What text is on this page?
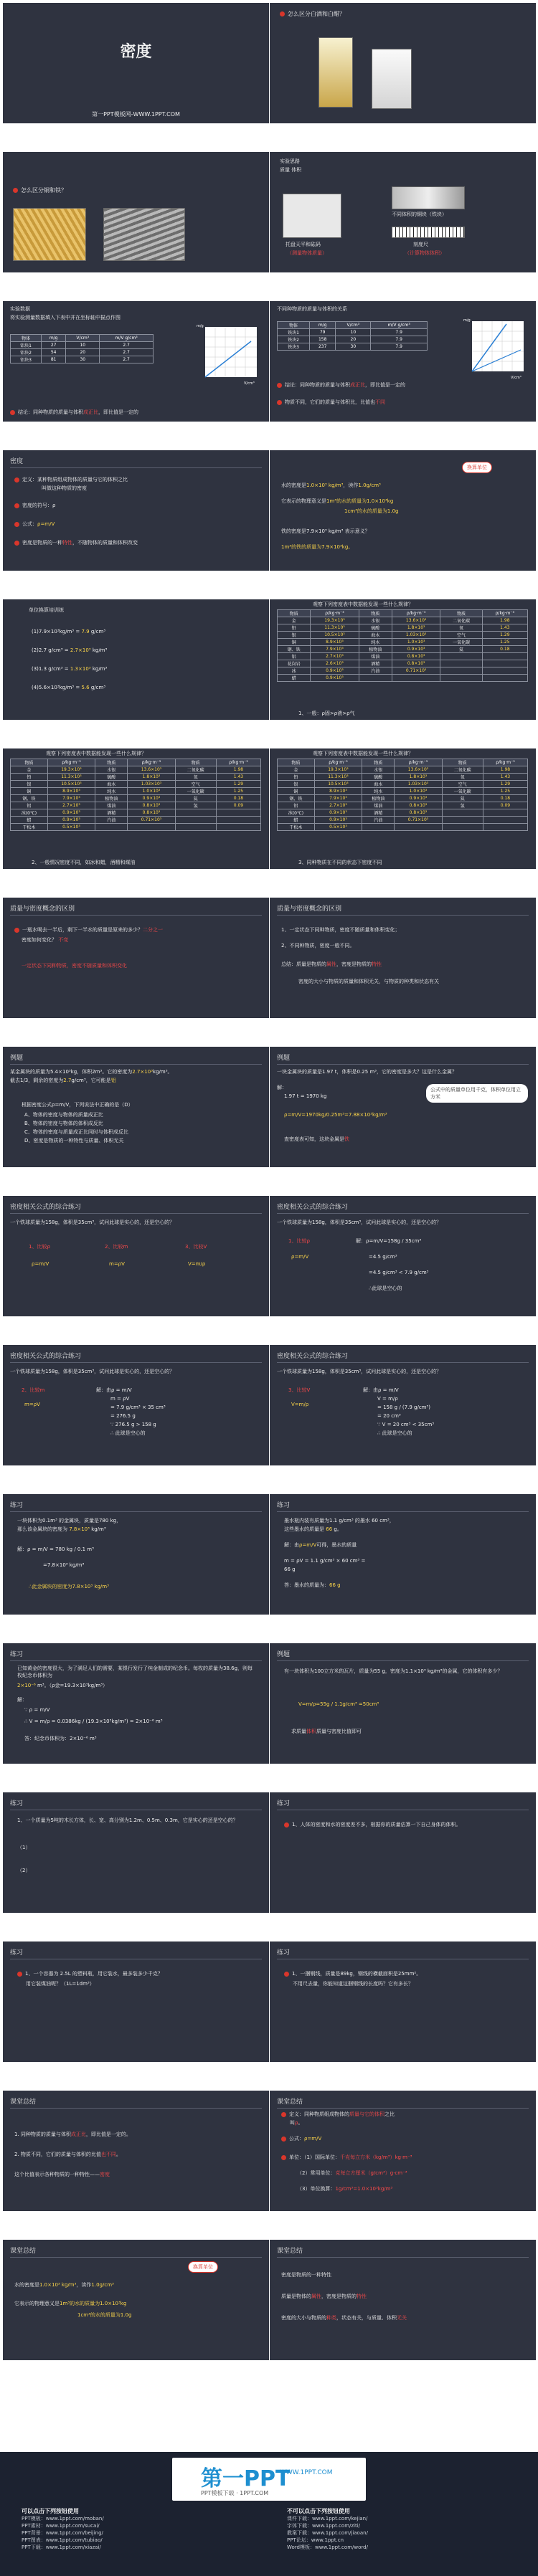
密度
第一PPT模板网-WWW.1PPT.COM
怎么区分白酒和白醋？
怎么区分铜和铁？
实验思路
质量 体积
托盘天平和砝码
（测量物体质量）
不同体积的铜块（铁块）
刻度尺
（计算物体体积）
实验数据
将实验测量数据填入下表中并在坐标轴中描点作图
物体	m/g	V/cm³	m/V g/cm³
铝块1	27	10	2.7
铝块2	54	20	2.7
铝块3	81	30	2.7
m/g
V/cm³
结论：同种物质的质量与体积成正比，即比值是一定的
不同种物质的质量与体积的关系
物体	m/g	V/cm³	m/V g/cm³
铁块1	79	10	7.9
铁块2	158	20	7.9
铁块3	237	30	7.9
m/g
V/cm³
结论：同种物质的质量与体积成正比，即比值是一定的
物质不同，它们的质量与体积比，比值也不同
密度
定义：某种物质组成物体的质量与它的体积之比
叫做这种物质的密度
密度的符号：ρ
公式：ρ=m/V
密度是物质的一种特性，不随物体的质量和体积改变
换算单位
水的密度是1.0×10³ kg/m³，读作1.0g/cm³
它表示的物理意义是1m³的水的质量为1.0×10³kg
1cm³的水的质量为1.0g
铁的密度是7.9×10³ kg/m³ 表示意义？
1m³的铁的质量为7.9×10³kg。
单位换算培训练
(1)7.9×10³kg/m³ = 7.9 g/cm³
(2)2.7 g/cm³ = 2.7×10³ kg/m³
(3)1.3 g/cm³ = 1.3×10³ kg/m³
(4)5.6×10³kg/m³ = 5.6 g/cm³
观察下列密度表中数据能发现一些什么规律？
物质	ρ/kg·m⁻³	物质	ρ/kg·m⁻³	物质	ρ/kg·m⁻³
金	19.3×10³	水银	13.6×10³	二氧化碳	1.98
铅	11.3×10³	硫酸	1.8×10³	氧	1.43
银	10.5×10³	海水	1.03×10³	空气	1.29
铜	8.9×10³	纯水	1.0×10³	一氧化碳	1.25
钢、铁	7.9×10³	植物油	0.9×10³	氦	0.18
铝	2.7×10³	煤油	0.8×10³		
花岗岩	2.6×10³	酒精	0.8×10³		
冰	0.9×10³	汽油	0.71×10³		
蜡	0.9×10³				
1、一般：ρ固>ρ液>ρ气
观察下列密度表中数据能发现一些什么规律？
物质	ρ/kg·m⁻³	物质	ρ/kg·m⁻³	物质	ρ/kg·m⁻³
金	19.3×10³	水银	13.6×10³	二氧化碳	1.98
铅	11.3×10³	硫酸	1.8×10³	氧	1.43
银	10.5×10³	海水	1.03×10³	空气	1.29
铜	8.9×10³	纯水	1.0×10³	一氧化碳	1.25
钢、铁	7.9×10³	植物油	0.9×10³	氦	0.18
铝	2.7×10³	煤油	0.8×10³	氢	0.09
冰(0℃)	0.9×10³	酒精	0.8×10³		
蜡	0.9×10³	汽油	0.71×10³		
干松木	0.5×10³				
2、一般情况密度不同，如冰和蜡，酒精和煤油
观察下列密度表中数据能发现一些什么规律？
物质	ρ/kg·m⁻³	物质	ρ/kg·m⁻³	物质	ρ/kg·m⁻³
金	19.3×10³	水银	13.6×10³	二氧化碳	1.98
铅	11.3×10³	硫酸	1.8×10³	氧	1.43
银	10.5×10³	海水	1.03×10³	空气	1.29
铜	8.9×10³	纯水	1.0×10³	一氧化碳	1.25
钢、铁	7.9×10³	植物油	0.9×10³	氦	0.18
铝	2.7×10³	煤油	0.8×10³	氢	0.09
冰(0℃)	0.9×10³	酒精	0.8×10³		
蜡	0.9×10³	汽油	0.71×10³		
干松木	0.5×10³				
3、同种物质在不同的状态下密度不同
质量与密度概念的区别
一瓶水喝去一半后，剩下一半水的质量是原来的多少？二分之一
密度如何变化？ 不变
一定状态下同种物质，密度不随质量和体积变化
质量与密度概念的区别
1、一定状态下同种物质，密度不随质量和体积变化；
2、不同种物质，密度一般不同。
总结：质量是物质的属性，密度是物质的特性
密度的大小与物质的质量和体积无关，与物质的种类和状态有关
例题
某金属块的质量为5.4×10³kg，体积2m³。它的密度为2.7×10³kg/m³。
截去1/3，剩余的密度为2.7g/cm³，它可能是铝
根据密度公式ρ=m/V，下列说法中正确的是（D）
A、物体的密度与物体的质量成正比
B、物体的密度与物体的体积成反比
C、物体的密度与质量成正比同时与体积成反比
D、密度是物质的一种特性与质量、体积无关
例题
一块金属块的质量是1.97 t，体积是0.25 m³，它的密度是多大？这是什么金属？
解：
1.97 t = 1970 kg
ρ=m/V=1970kg/0.25m³=7.88×10³kg/m³
公式中的质量单位用千克，体积单位用立方米
查密度表可知，这块金属是铁
密度相关公式的综合练习
一个铁球质量为158g，体积是35cm³，试问此球是实心的，还是空心的？
1、比较ρ	2、比较m	3、比较V
ρ=m/V	m=ρV	V=m/ρ
密度相关公式的综合练习
一个铁球质量为158g，体积是35cm³，试问此球是实心的，还是空心的？
1、比较ρ
ρ=m/V
解：ρ=m/V=158g / 35cm³
=4.5 g/cm³
=4.5 g/cm³ < 7.9 g/cm³
∴此球是空心的
密度相关公式的综合练习
一个铁球质量为158g，体积是35cm³，试问此球是实心的，还是空心的？
2、比较m
m=ρV
解：由ρ = m/V
m = ρV
= 7.9 g/cm³ × 35 cm³
= 276.5 g
∵ 276.5 g > 158 g
∴ 此球是空心的
密度相关公式的综合练习
一个铁球质量为158g，体积是35cm³，试问此球是实心的，还是空心的？
3、比较V
V=m/ρ
解：由ρ = m/V
V = m/ρ
= 158 g / (7.9 g/cm³)
= 20 cm³
∵ V = 20 cm³ < 35cm³
∴ 此球是空心的
练习
一块体积为0.1m³ 的金属块，质量是780 kg，
那么该金属块的密度为 7.8×10³ kg/m³
解：ρ = m/V = 780 kg / 0.1 m³
=7.8×10³ kg/m³
∴此金属块的密度为7.8×10³ kg/m³
练习
墨水瓶内装有质量为1.1 g/cm³ 的墨水 60 cm³，
这些墨水的质量是 66 g。
解：由ρ=m/V可得，墨水的质量
m = ρV = 1.1 g/cm³ × 60 cm³ =
66 g
答：墨水的质量为：66 g
练习
已知黄金的密度很大，为了满足人们的需要，某银行发行了纯金制成的纪念币。每枚的质量为38.6g，则每枚纪念币体积为
2×10⁻⁶ m³。（ρ金=19.3×10³kg/m³）
解：
∵ ρ = m/V
∴ V = m/ρ = 0.0386kg / (19.3×10³kg/m³) = 2×10⁻⁶ m³
答：纪念币体积为：2×10⁻⁶ m³
例题
有一块体积为100立方米的瓦片，质量为55 g，密度为1.1×10³ kg/m³的金属，它的体积有多少？
V=m/ρ=55g / 1.1g/cm³ =50cm³
求质量体积质量与密度比值即可
练习
1、一个质量为5吨的木长方体，长、宽、高分别为1.2m、0.5m、0.3m，它是实心的还是空心的？
（1）
（2）
练习
1、人体的密度和水的密度差不多，根据你的质量估算一下自己身体的体积。
练习
1、一个容器为 2.5L 的塑料瓶，用它装水，最多装多少千克？
用它装煤油呢？（1L=1dm³）
练习
1、一捆钢线，质量是89kg，钢线的横截面积是25mm²。
不用尺去量，你能知道这捆钢线的长度吗？它有多长？
课堂总结
1. 同种物质的质量与体积成正比，即比值是一定的。
2. 物质不同，它们的质量与体积的比值也不同。
这个比值表示各种物质的一种特性——密度
课堂总结
定义：同种物质组成物体的质量与它的体积之比
叫ρ。
公式：ρ=m/V
单位：（1）国际单位：千克每立方米（kg/m³）kg·m⁻³
（2）常用单位：克每立方厘米（g/cm³）g·cm⁻³
（3）单位换算：1g/cm³=1.0×10³kg/m³
课堂总结
换算单位
水的密度是1.0×10³ kg/m³，读作1.0g/cm³
它表示的物理意义是1m³的水的质量为1.0×10³kg
1cm³的水的质量为1.0g
课堂总结
密度是物质的一种特性
质量是物体的属性，密度是物质的特性
密度的大小与物质的种类，状态有关，与质量、体积无关
第一PPT
WWW.1PPT.COM
PPT模板下载 · 1PPT.COM
可以点击下列按钮使用
PPT模板：www.1ppt.com/moban/
PPT素材：www.1ppt.com/sucai/
PPT背景：www.1ppt.com/beijing/
PPT图表：www.1ppt.com/tubiao/
PPT下载：www.1ppt.com/xiazai/
不可以点击下列按钮使用
课件下载：www.1ppt.com/kejian/
字体下载：www.1ppt.com/ziti/
教案下载：www.1ppt.com/jiaoan/
PPT论坛：www.1ppt.cn
Word模板：www.1ppt.com/word/
